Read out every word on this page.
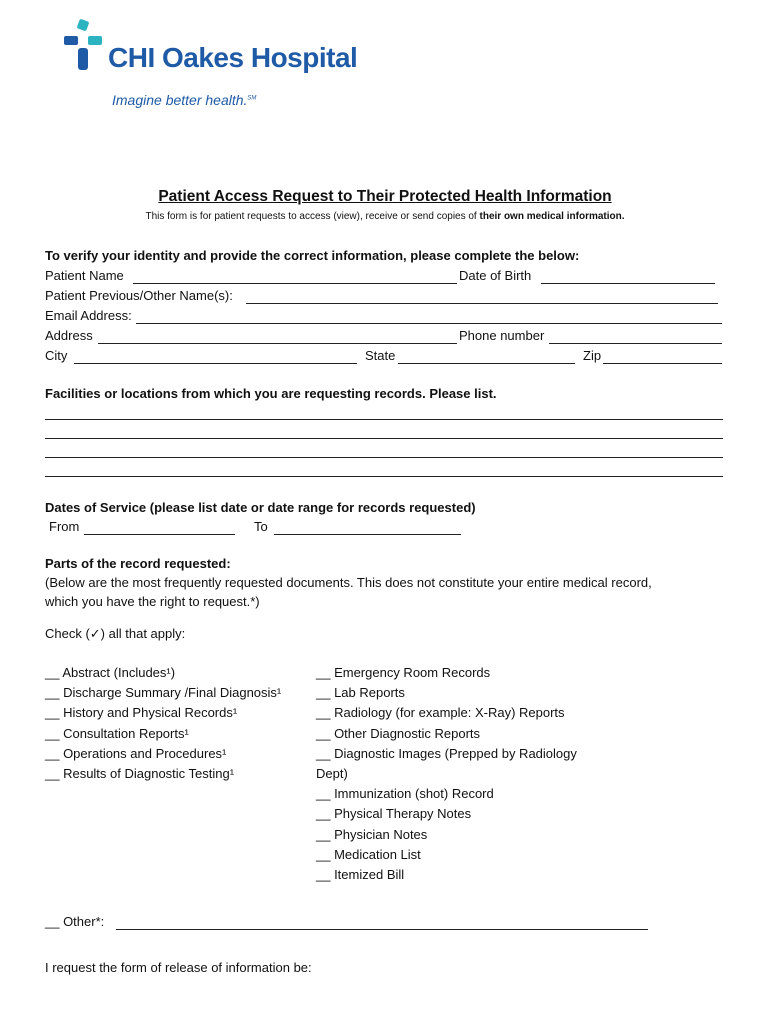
CHI Oakes Hospital
Imagine better health.℠
Patient Access Request to Their Protected Health Information
This form is for patient requests to access (view), receive or send copies of their own medical information.
To verify your identity and provide the correct information, please complete the below:
Patient Name	Date of Birth
Patient Previous/Other Name(s):
Email Address:
Address	Phone number
City	State	Zip
Facilities or locations from which you are requesting records. Please list.
Dates of Service (please list date or date range for records requested)
From	To
Parts of the record requested:
(Below are the most frequently requested documents. This does not constitute your entire medical record,
which you have the right to request.*)
Check (✓) all that apply:
__ Abstract (Includes¹)
__ Discharge Summary /Final Diagnosis¹
__ History and Physical Records¹
__ Consultation Reports¹
__ Operations and Procedures¹
__ Results of Diagnostic Testing¹
__ Emergency Room Records
__ Lab Reports
__ Radiology (for example: X-Ray) Reports
__ Other Diagnostic Reports
__ Diagnostic Images (Prepped by Radiology
Dept)
__ Immunization (shot) Record
__ Physical Therapy Notes
__ Physician Notes
__ Medication List
__ Itemized Bill
__ Other*:
I request the form of release of information be:
